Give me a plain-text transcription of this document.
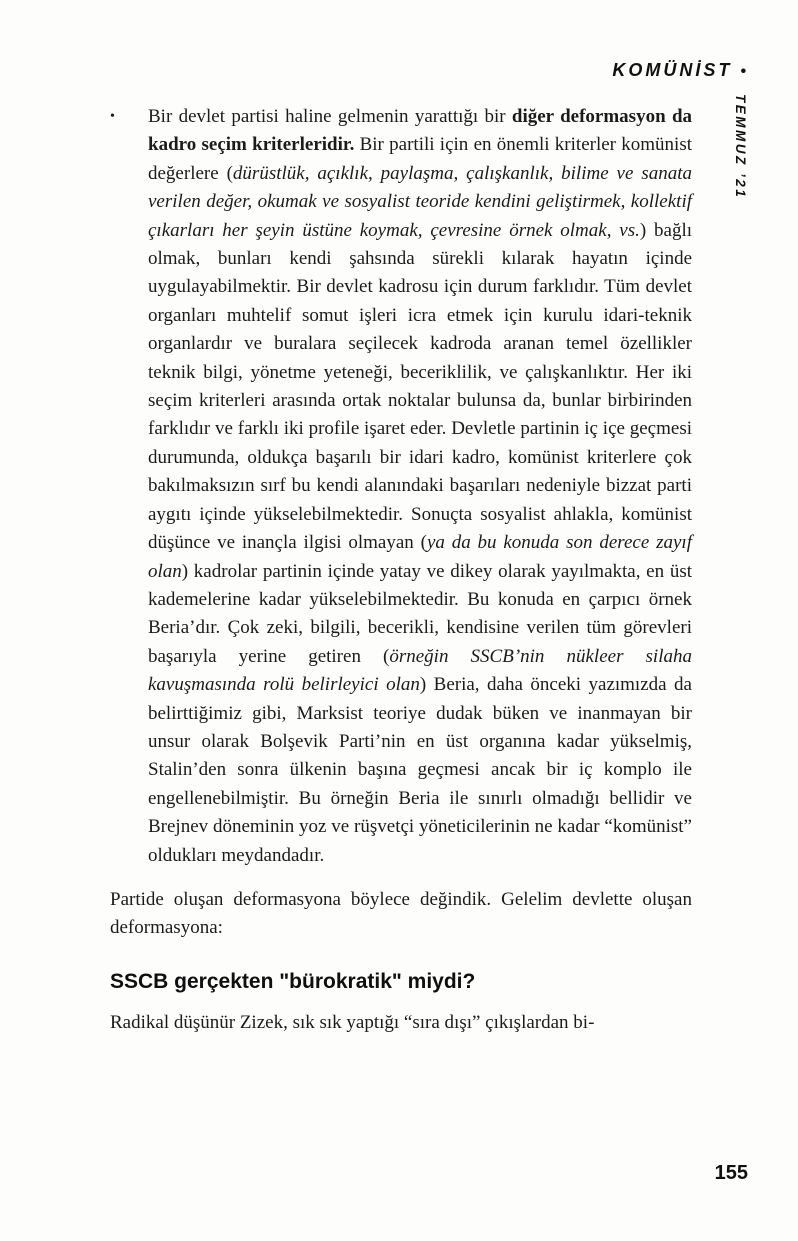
KOMÜNİST •
TEMMUZ ’21
•	Bir devlet partisi haline gelmenin yarattığı bir diğer deformasyon da kadro seçim kriterleridir. Bir partili için en önemli kriterler komünist değerlere (dürüstlük, açıklık, paylaşma, çalışkanlık, bilime ve sanata verilen değer, okumak ve sosyalist teoride kendini geliştirmek, kollektif çıkarları her şeyin üstüne koymak, çevresine örnek olmak, vs.) bağlı olmak, bunları kendi şahsında sürekli kılarak hayatın içinde uygulayabilmektir. Bir devlet kadrosu için durum farklıdır. Tüm devlet organları muhtelif somut işleri icra etmek için kurulu idari-teknik organlardır ve buralara seçilecek kadroda aranan temel özellikler teknik bilgi, yönetme yeteneği, beceriklilik, ve çalışkanlıktır. Her iki seçim kriterleri arasında ortak noktalar bulunsa da, bunlar birbirinden farklıdır ve farklı iki profile işaret eder. Devletle partinin iç içe geçmesi durumunda, oldukça başarılı bir idari kadro, komünist kriterlere çok bakılmaksızın sırf bu kendi alanındaki başarıları nedeniyle bizzat parti aygıtı içinde yükselebilmektedir. Sonuçta sosyalist ahlakla, komünist düşünce ve inançla ilgisi olmayan (ya da bu konuda son derece zayıf olan) kadrolar partinin içinde yatay ve dikey olarak yayılmakta, en üst kademelerine kadar yükselebilmektedir. Bu konuda en çarpıcı örnek Beria’dır. Çok zeki, bilgili, becerikli, kendisine verilen tüm görevleri başarıyla yerine getiren (örneğin SSCB’nin nükleer silaha kavuşmasında rolü belirleyici olan) Beria, daha önceki yazımızda da belirttiğimiz gibi, Marksist teoriye dudak büken ve inanmayan bir unsur olarak Bolşevik Parti’nin en üst organına kadar yükselmiş, Stalin’den sonra ülkenin başına geçmesi ancak bir iç komplo ile engellenebilmiştir. Bu örneğin Beria ile sınırlı olmadığı bellidir ve Brejnev döneminin yoz ve rüşvetçi yöneticilerinin ne kadar “komünist” oldukları meydandadır.

Partide oluşan deformasyona böylece değindik. Gelelim devlette oluşan deformasyona:

SSCB gerçekten "bürokratik" miydi?

Radikal düşünür Zizek, sık sık yaptığı “sıra dışı” çıkışlardan bi-

155
